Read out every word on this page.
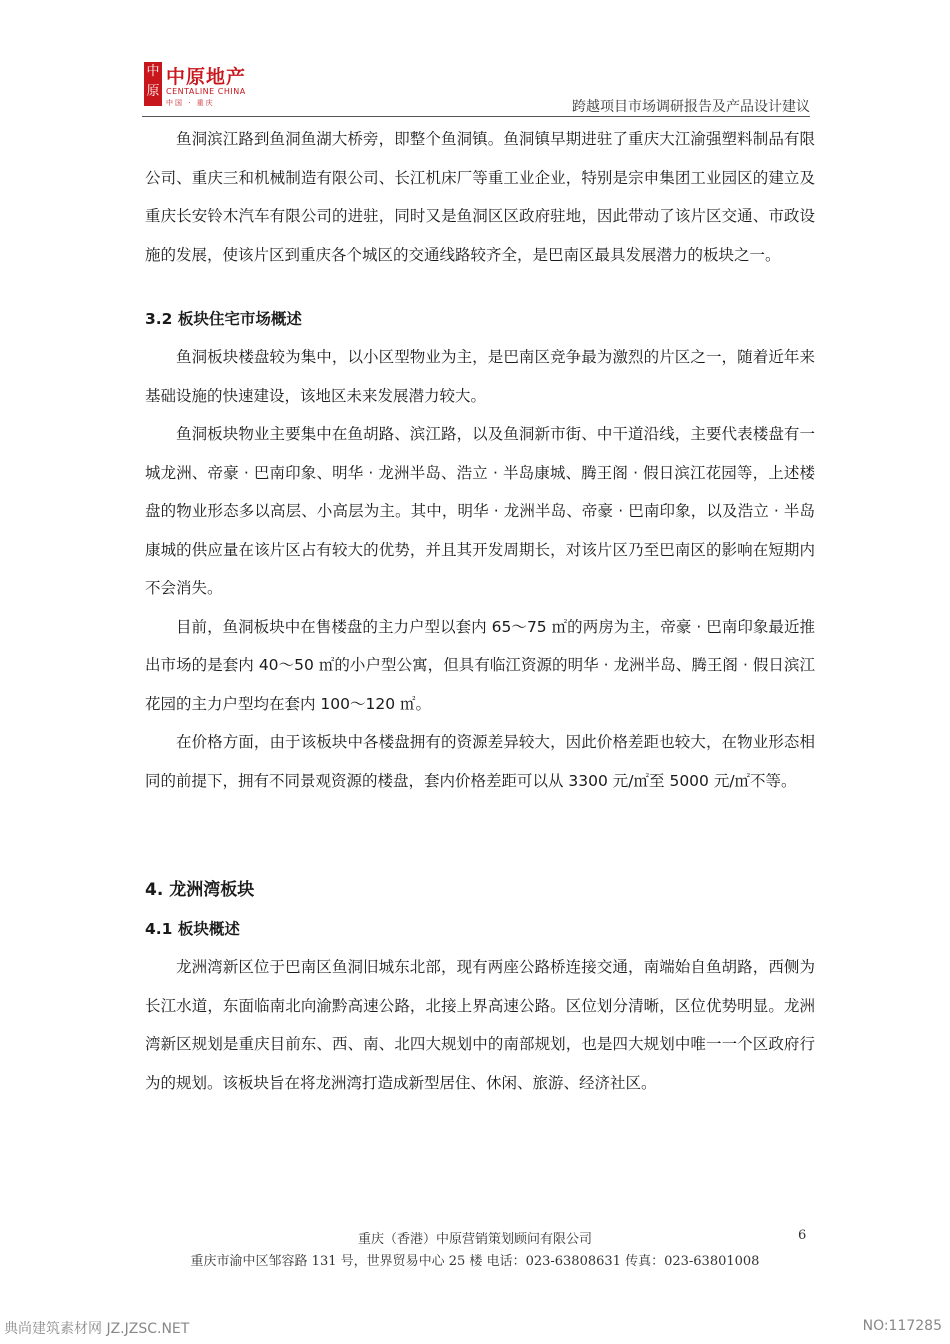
中原
中原地产
CENTALINE CHINA
中国 · 重庆	跨越项目市场调研报告及产品设计建议

鱼洞滨江路到鱼洞鱼湖大桥旁，即整个鱼洞镇。鱼洞镇早期进驻了重庆大江渝强塑料制品有限公司、重庆三和机械制造有限公司、长江机床厂等重工业企业，特别是宗申集团工业园区的建立及重庆长安铃木汽车有限公司的进驻，同时又是鱼洞区区政府驻地，因此带动了该片区交通、市政设施的发展，使该片区到重庆各个城区的交通线路较齐全，是巴南区最具发展潜力的板块之一。

3.2 板块住宅市场概述

鱼洞板块楼盘较为集中，以小区型物业为主，是巴南区竞争最为激烈的片区之一，随着近年来基础设施的快速建设，该地区未来发展潜力较大。

鱼洞板块物业主要集中在鱼胡路、滨江路，以及鱼洞新市街、中干道沿线，主要代表楼盘有一城龙洲、帝豪 · 巴南印象、明华 · 龙洲半岛、浩立 · 半岛康城、腾王阁 · 假日滨江花园等，上述楼盘的物业形态多以高层、小高层为主。其中，明华 · 龙洲半岛、帝豪 · 巴南印象，以及浩立 · 半岛康城的供应量在该片区占有较大的优势，并且其开发周期长，对该片区乃至巴南区的影响在短期内不会消失。

目前，鱼洞板块中在售楼盘的主力户型以套内 65～75 ㎡的两房为主，帝豪 · 巴南印象最近推出市场的是套内 40～50 ㎡的小户型公寓，但具有临江资源的明华 · 龙洲半岛、腾王阁 · 假日滨江花园的主力户型均在套内 100～120 ㎡。

在价格方面，由于该板块中各楼盘拥有的资源差异较大，因此价格差距也较大，在物业形态相同的前提下，拥有不同景观资源的楼盘，套内价格差距可以从 3300 元/㎡至 5000 元/㎡不等。

4. 龙洲湾板块
4.1 板块概述

龙洲湾新区位于巴南区鱼洞旧城东北部，现有两座公路桥连接交通，南端始自鱼胡路，西侧为长江水道，东面临南北向渝黔高速公路，北接上界高速公路。区位划分清晰，区位优势明显。龙洲湾新区规划是重庆目前东、西、南、北四大规划中的南部规划，也是四大规划中唯一一个区政府行为的规划。该板块旨在将龙洲湾打造成新型居住、休闲、旅游、经济社区。

重庆（香港）中原营销策划顾问有限公司	6
重庆市渝中区邹容路 131 号，世界贸易中心 25 楼 电话：023-63808631 传真：023-63801008
典尚建筑素材网 JZ.JZSC.NET	NO:117285
